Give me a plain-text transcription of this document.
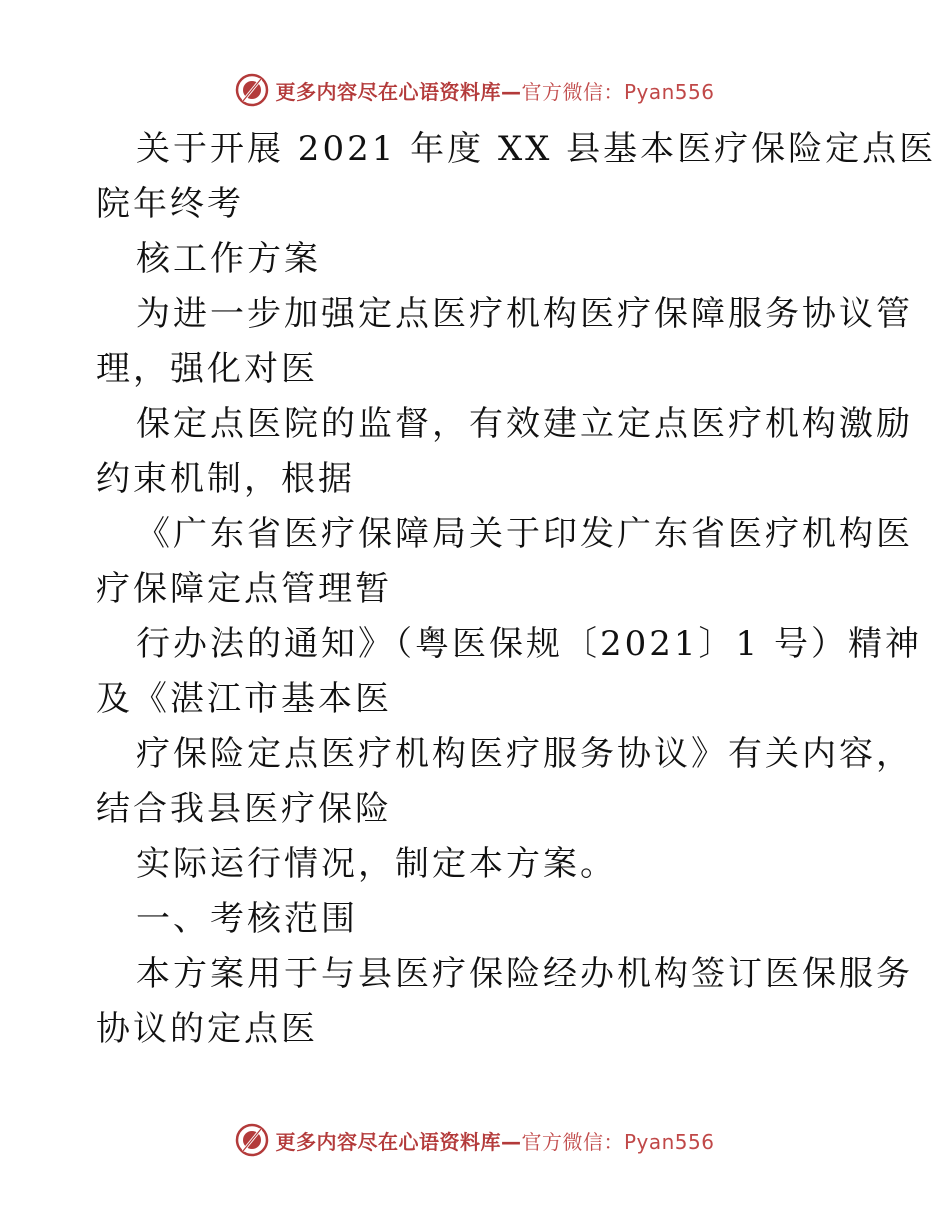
更多内容尽在心语资料库—官方微信：Pyan556
关于开展 2021 年度 XX 县基本医疗保险定点医
院年终考
核工作方案
为进一步加强定点医疗机构医疗保障服务协议管
理，强化对医
保定点医院的监督，有效建立定点医疗机构激励
约束机制，根据
《广东省医疗保障局关于印发广东省医疗机构医
疗保障定点管理暂
行办法的通知》（粤医保规〔2021〕1 号）精神
及《湛江市基本医
疗保险定点医疗机构医疗服务协议》有关内容，
结合我县医疗保险
实际运行情况，制定本方案。
一、考核范围
本方案用于与县医疗保险经办机构签订医保服务
协议的定点医
更多内容尽在心语资料库—官方微信：Pyan556
